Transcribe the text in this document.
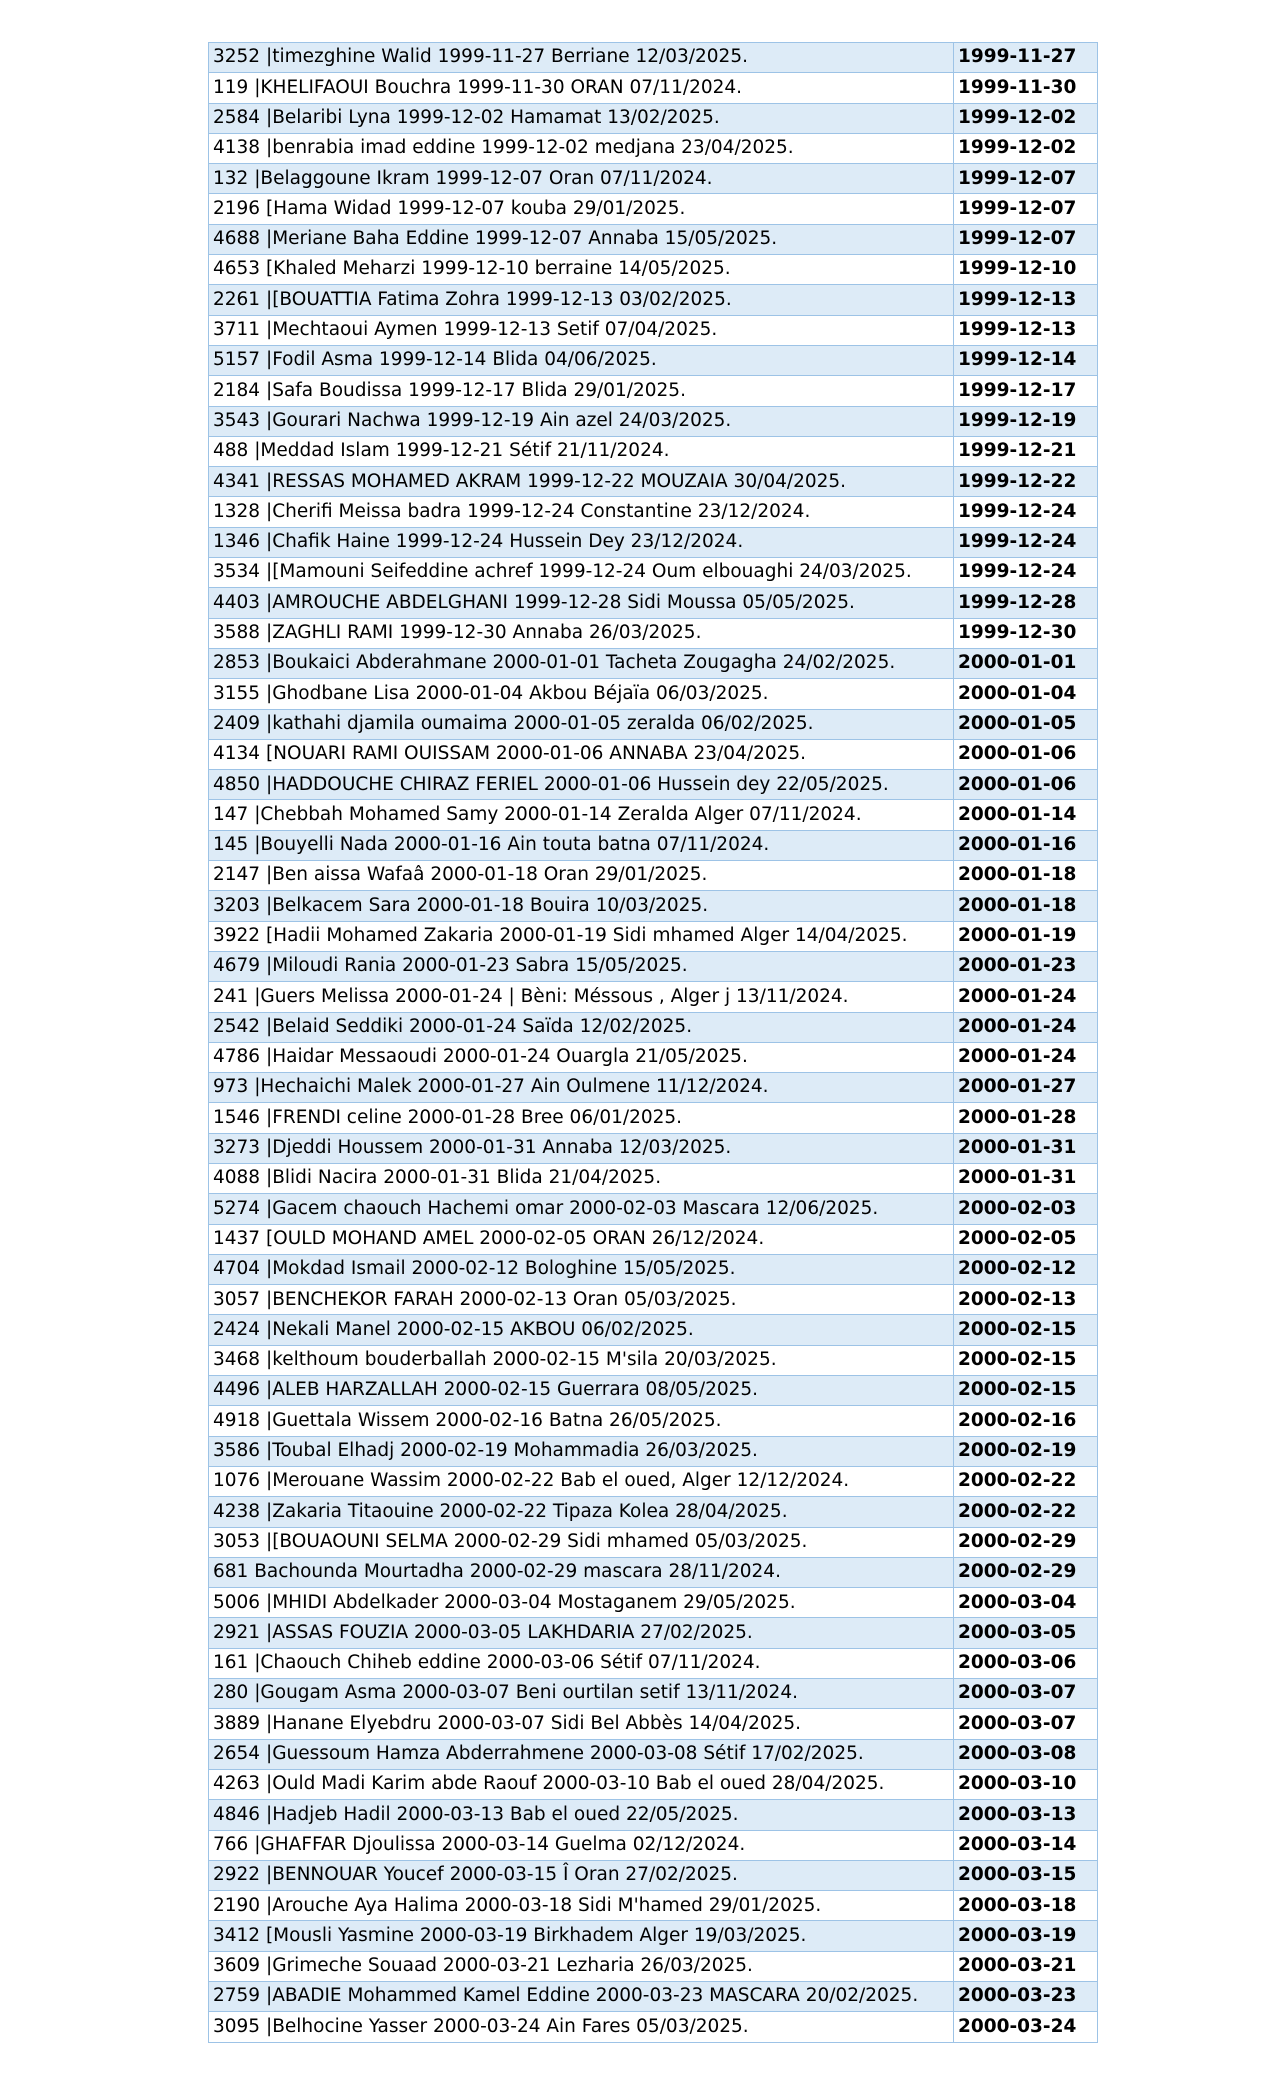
3252 |timezghine Walid 1999-11-27 Berriane 12/03/2025.	1999-11-27
119 |KHELIFAOUI Bouchra 1999-11-30 ORAN 07/11/2024.	1999-11-30
2584 |Belaribi Lyna 1999-12-02 Hamamat 13/02/2025.	1999-12-02
4138 |benrabia imad eddine 1999-12-02 medjana 23/04/2025.	1999-12-02
132 |Belaggoune Ikram 1999-12-07 Oran 07/11/2024.	1999-12-07
2196 [Hama Widad 1999-12-07 kouba 29/01/2025.	1999-12-07
4688 |Meriane Baha Eddine 1999-12-07 Annaba 15/05/2025.	1999-12-07
4653 [Khaled Meharzi 1999-12-10 berraine 14/05/2025.	1999-12-10
2261 |[BOUATTIA Fatima Zohra 1999-12-13 03/02/2025.	1999-12-13
3711 |Mechtaoui Aymen 1999-12-13 Setif 07/04/2025.	1999-12-13
5157 |Fodil Asma 1999-12-14 Blida 04/06/2025.	1999-12-14
2184 |Safa Boudissa 1999-12-17 Blida 29/01/2025.	1999-12-17
3543 |Gourari Nachwa 1999-12-19 Ain azel 24/03/2025.	1999-12-19
488 |Meddad Islam 1999-12-21 Sétif 21/11/2024.	1999-12-21
4341 |RESSAS MOHAMED AKRAM 1999-12-22 MOUZAIA 30/04/2025.	1999-12-22
1328 |Cherifi Meissa badra 1999-12-24 Constantine 23/12/2024.	1999-12-24
1346 |Chafik Haine 1999-12-24 Hussein Dey 23/12/2024.	1999-12-24
3534 |[Mamouni Seifeddine achref 1999-12-24 Oum elbouaghi 24/03/2025.	1999-12-24
4403 |AMROUCHE ABDELGHANI 1999-12-28 Sidi Moussa 05/05/2025.	1999-12-28
3588 |ZAGHLI RAMI 1999-12-30 Annaba 26/03/2025.	1999-12-30
2853 |Boukaici Abderahmane 2000-01-01 Tacheta Zougagha 24/02/2025.	2000-01-01
3155 |Ghodbane Lisa 2000-01-04 Akbou Béjaïa 06/03/2025.	2000-01-04
2409 |kathahi djamila oumaima 2000-01-05 zeralda 06/02/2025.	2000-01-05
4134 [NOUARI RAMI OUISSAM 2000-01-06 ANNABA 23/04/2025.	2000-01-06
4850 |HADDOUCHE CHIRAZ FERIEL 2000-01-06 Hussein dey 22/05/2025.	2000-01-06
147 |Chebbah Mohamed Samy 2000-01-14 Zeralda Alger 07/11/2024.	2000-01-14
145 |Bouyelli Nada 2000-01-16 Ain touta batna 07/11/2024.	2000-01-16
2147 |Ben aissa Wafaâ 2000-01-18 Oran 29/01/2025.	2000-01-18
3203 |Belkacem Sara 2000-01-18 Bouira 10/03/2025.	2000-01-18
3922 [Hadii Mohamed Zakaria 2000-01-19 Sidi mhamed Alger 14/04/2025.	2000-01-19
4679 |Miloudi Rania 2000-01-23 Sabra 15/05/2025.	2000-01-23
241 |Guers Melissa 2000-01-24 | Bèni: Méssous , Alger j 13/11/2024.	2000-01-24
2542 |Belaid Seddiki 2000-01-24 Saïda 12/02/2025.	2000-01-24
4786 |Haidar Messaoudi 2000-01-24 Ouargla 21/05/2025.	2000-01-24
973 |Hechaichi Malek 2000-01-27 Ain Oulmene 11/12/2024.	2000-01-27
1546 |FRENDI celine 2000-01-28 Bree 06/01/2025.	2000-01-28
3273 |Djeddi Houssem 2000-01-31 Annaba 12/03/2025.	2000-01-31
4088 |Blidi Nacira 2000-01-31 Blida 21/04/2025.	2000-01-31
5274 |Gacem chaouch Hachemi omar 2000-02-03 Mascara 12/06/2025.	2000-02-03
1437 [OULD MOHAND AMEL 2000-02-05 ORAN 26/12/2024.	2000-02-05
4704 |Mokdad Ismail 2000-02-12 Bologhine 15/05/2025.	2000-02-12
3057 |BENCHEKOR FARAH 2000-02-13 Oran 05/03/2025.	2000-02-13
2424 |Nekali Manel 2000-02-15 AKBOU 06/02/2025.	2000-02-15
3468 |kelthoum bouderballah 2000-02-15 M'sila 20/03/2025.	2000-02-15
4496 |ALEB HARZALLAH 2000-02-15 Guerrara 08/05/2025.	2000-02-15
4918 |Guettala Wissem 2000-02-16 Batna 26/05/2025.	2000-02-16
3586 |Toubal Elhadj 2000-02-19 Mohammadia 26/03/2025.	2000-02-19
1076 |Merouane Wassim 2000-02-22 Bab el oued, Alger 12/12/2024.	2000-02-22
4238 |Zakaria Titaouine 2000-02-22 Tipaza Kolea 28/04/2025.	2000-02-22
3053 |[BOUAOUNI SELMA 2000-02-29 Sidi mhamed 05/03/2025.	2000-02-29
681 Bachounda Mourtadha 2000-02-29 mascara 28/11/2024.	2000-02-29
5006 |MHIDI Abdelkader 2000-03-04 Mostaganem 29/05/2025.	2000-03-04
2921 |ASSAS FOUZIA 2000-03-05 LAKHDARIA 27/02/2025.	2000-03-05
161 |Chaouch Chiheb eddine 2000-03-06 Sétif 07/11/2024.	2000-03-06
280 |Gougam Asma 2000-03-07 Beni ourtilan setif 13/11/2024.	2000-03-07
3889 |Hanane Elyebdru 2000-03-07 Sidi Bel Abbès 14/04/2025.	2000-03-07
2654 |Guessoum Hamza Abderrahmene 2000-03-08 Sétif 17/02/2025.	2000-03-08
4263 |Ould Madi Karim abde Raouf 2000-03-10 Bab el oued 28/04/2025.	2000-03-10
4846 |Hadjeb Hadil 2000-03-13 Bab el oued 22/05/2025.	2000-03-13
766 |GHAFFAR Djoulissa 2000-03-14 Guelma 02/12/2024.	2000-03-14
2922 |BENNOUAR Youcef 2000-03-15 Î Oran 27/02/2025.	2000-03-15
2190 |Arouche Aya Halima 2000-03-18 Sidi M'hamed 29/01/2025.	2000-03-18
3412 [Mousli Yasmine 2000-03-19 Birkhadem Alger 19/03/2025.	2000-03-19
3609 |Grimeche Souaad 2000-03-21 Lezharia 26/03/2025.	2000-03-21
2759 |ABADIE Mohammed Kamel Eddine 2000-03-23 MASCARA 20/02/2025.	2000-03-23
3095 |Belhocine Yasser 2000-03-24 Ain Fares 05/03/2025.	2000-03-24
